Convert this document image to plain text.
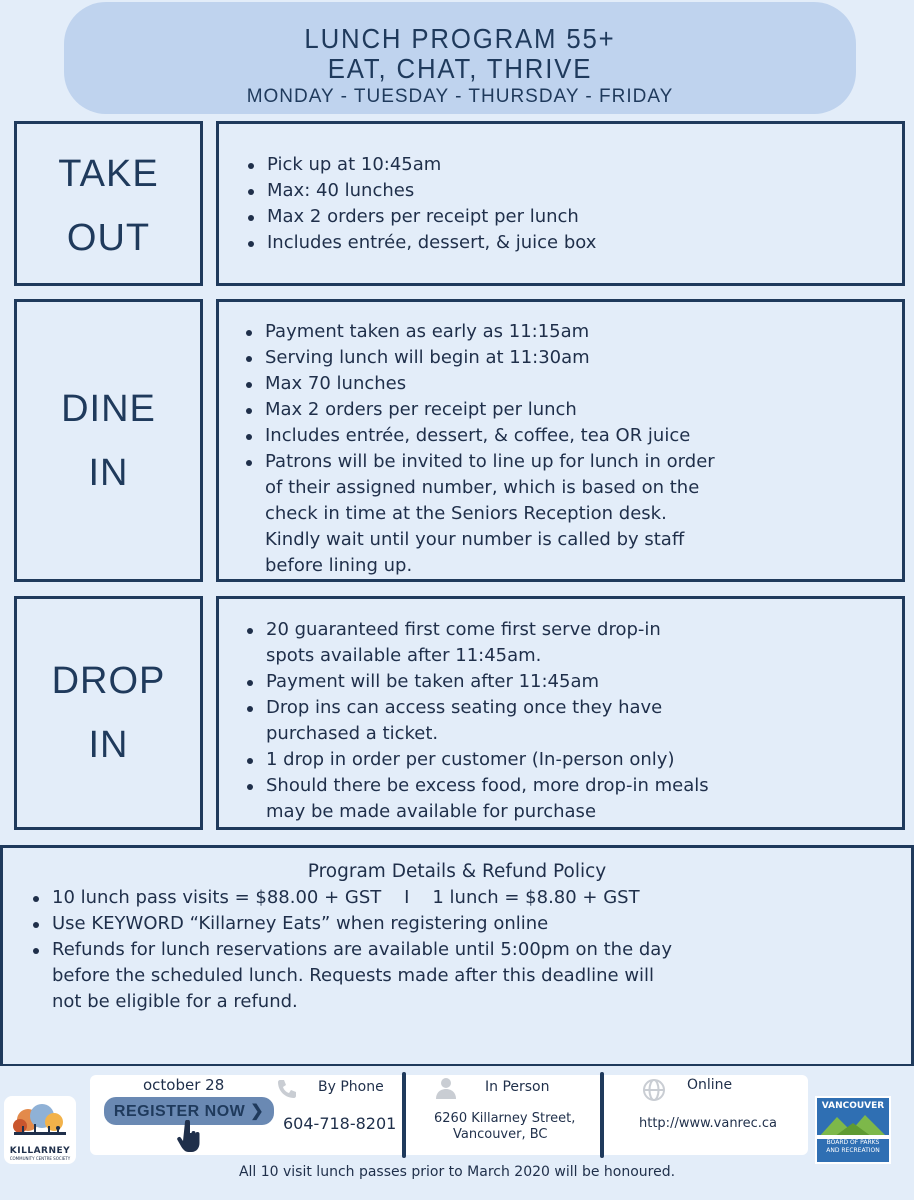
LUNCH PROGRAM 55+
EAT, CHAT, THRIVE
MONDAY - TUESDAY - THURSDAY - FRIDAY
TAKE
OUT
Pick up at 10:45am
Max: 40 lunches
Max 2 orders per receipt per lunch
Includes entrée, dessert, & juice box
DINE
IN
Payment taken as early as 11:15am
Serving lunch will begin at 11:30am
Max 70 lunches
Max 2 orders per receipt per lunch
Includes entrée, dessert, & coffee, tea OR juice
Patrons will be invited to line up for lunch in order of their assigned number, which is based on the check in time at the Seniors Reception desk. Kindly wait until your number is called by staff before lining up.
DROP
IN
20 guaranteed first come first serve drop-in spots available after 11:45am.
Payment will be taken after 11:45am
Drop ins can access seating once they have purchased a ticket.
1 drop in order per customer (In-person only)
Should there be excess food, more drop-in meals may be made available for purchase
Program Details & Refund Policy
10 lunch pass visits = $88.00 + GST    I    1 lunch = $8.80 + GST
Use KEYWORD “Killarney Eats” when registering online
Refunds for lunch reservations are available until 5:00pm on the day before the scheduled lunch. Requests made after this deadline will not be eligible for a refund.
KILLARNEY
COMMUNITY CENTRE SOCIETY
october 28
REGISTER NOW ❯
By Phone
604-718-8201
In Person
6260 Killarney Street,
Vancouver, BC
Online
http://www.vanrec.ca
VANCOUVER
BOARD OF PARKS
AND RECREATION
All 10 visit lunch passes prior to March 2020 will be honoured.
